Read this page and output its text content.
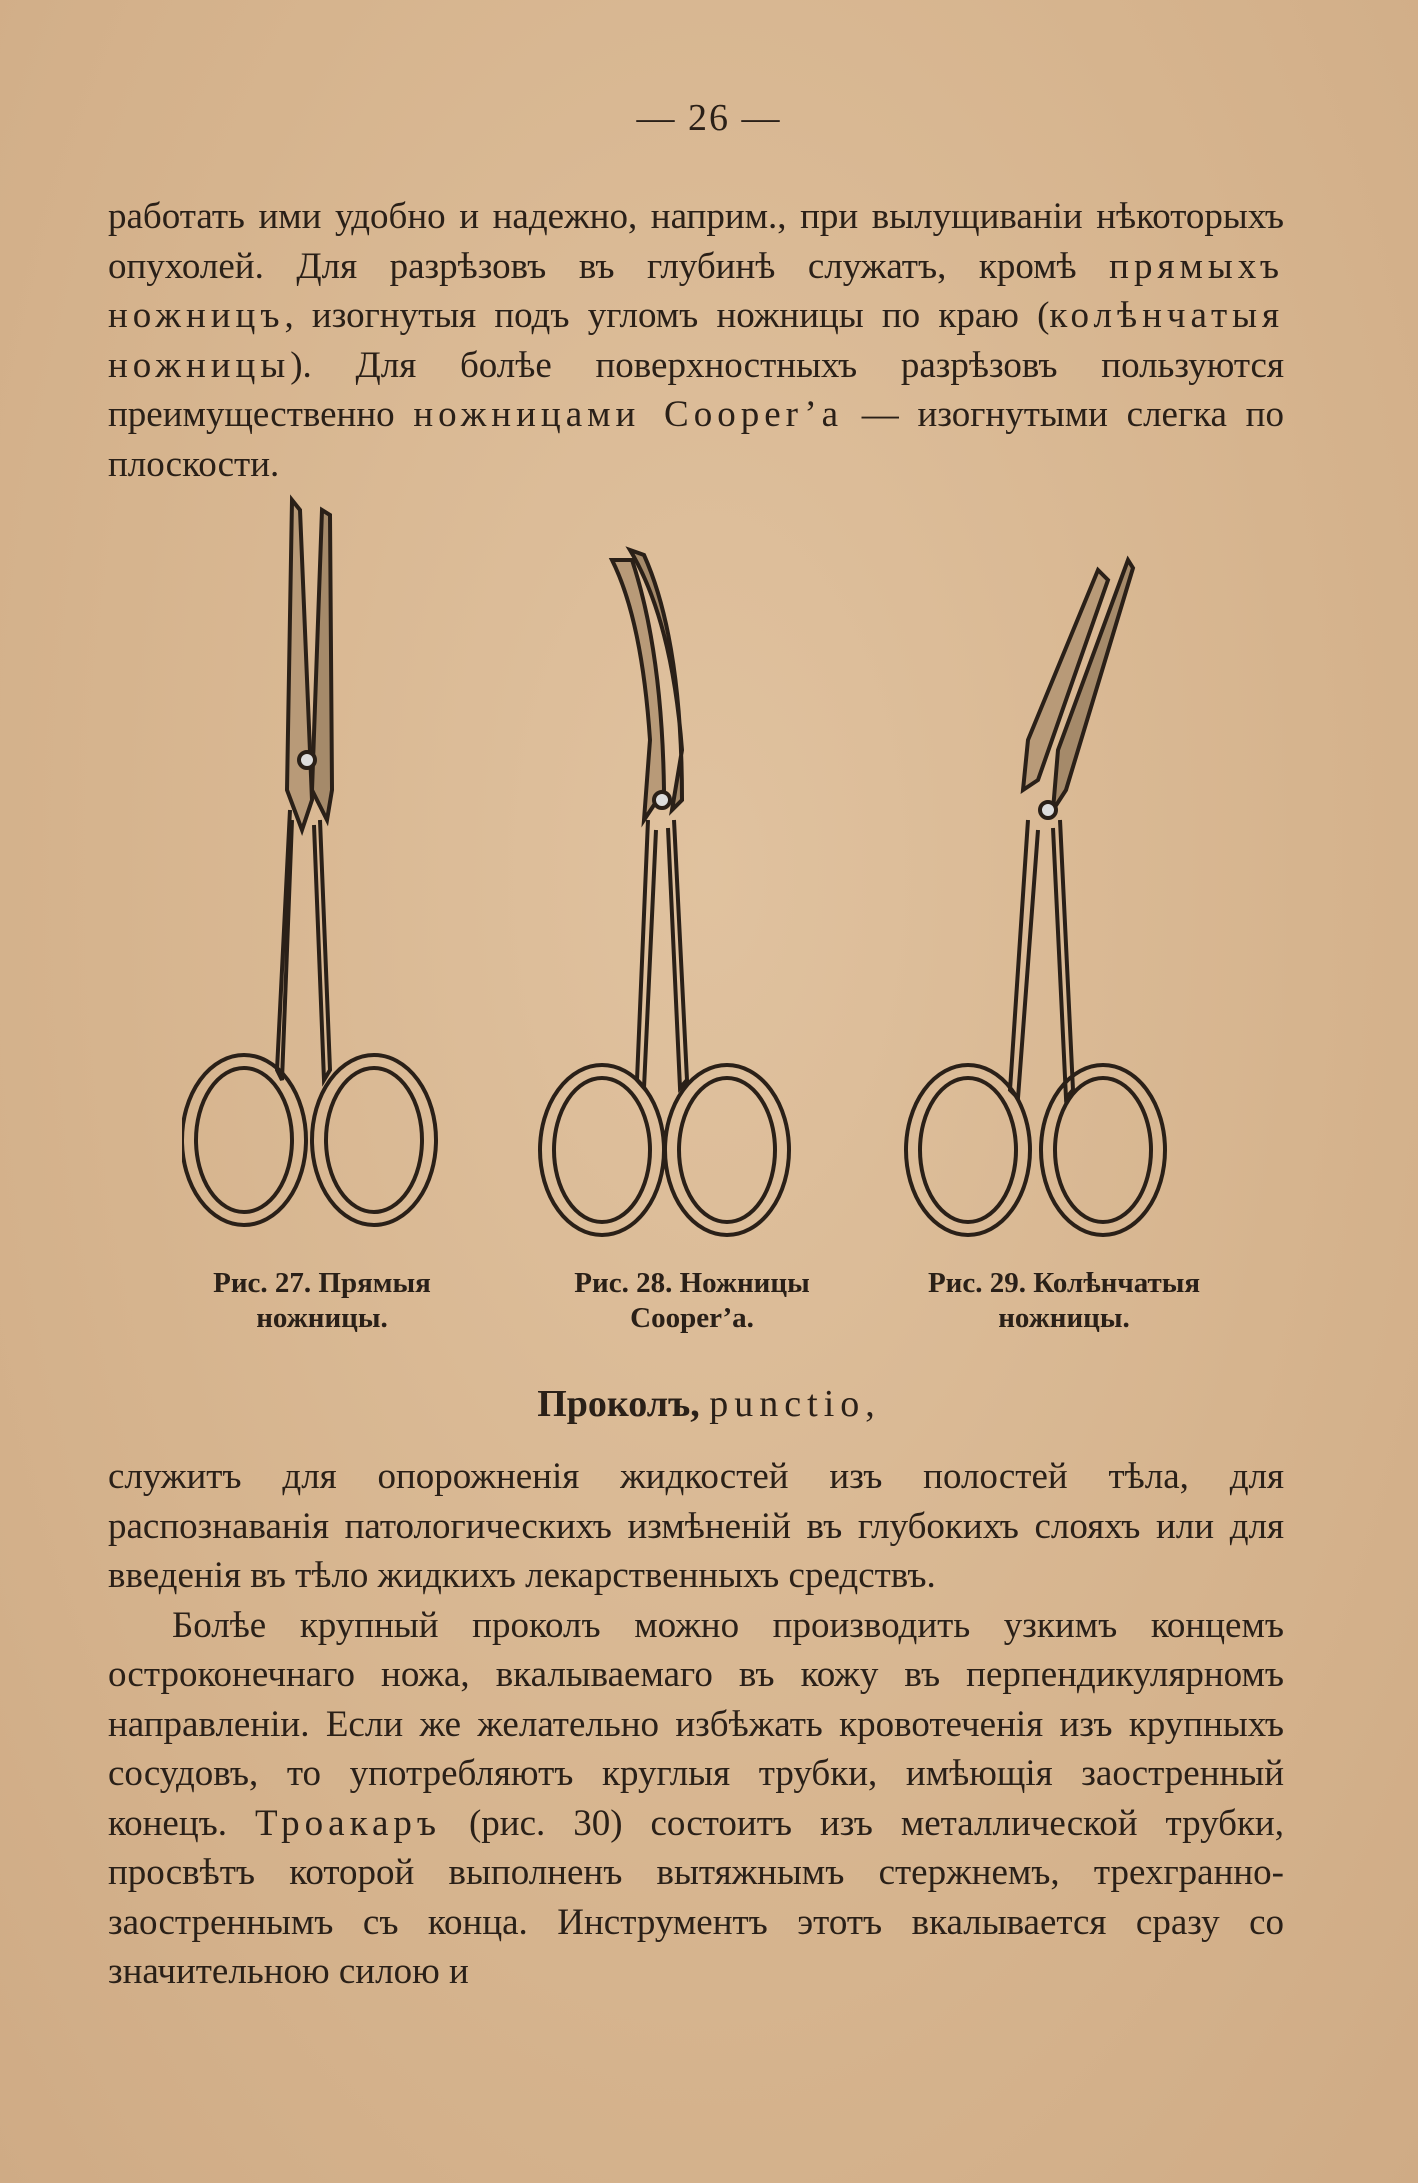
— 26 —

работать ими удобно и надежно, наприм., при вылущиваніи нѣкоторыхъ опухолей. Для разрѣзовъ въ глубинѣ служатъ, кромѣ прямыхъ ножницъ, изогнутыя подъ угломъ ножницы по краю (колѣнчатыя ножницы). Для болѣе поверхностныхъ разрѣзовъ пользуются преимущественно ножницами Cooper’a — изогнутыми слегка по плоскости.

Рис. 27. Прямыя
ножницы.
Рис. 28. Ножницы
Cooper’a.
Рис. 29. Колѣнчатыя
ножницы.
Проколъ, punctio,

служитъ для опорожненія жидкостей изъ полостей тѣла, для распознаванія патологическихъ измѣненій въ глубокихъ слояхъ или для введенія въ тѣло жидкихъ лекарственныхъ средствъ.

Болѣе крупный проколъ можно производить узкимъ концемъ остроконечнаго ножа, вкалываемаго въ кожу въ перпендикулярномъ направленіи. Если же желательно избѣжать кровотеченія изъ крупныхъ сосудовъ, то употребляютъ круглыя трубки, имѣющія заостренный конецъ. Троакаръ (рис. 30) состоитъ изъ металлической трубки, просвѣтъ которой выполненъ вытяжнымъ стержнемъ, трехгранно-заостреннымъ съ конца. Инструментъ этотъ вкалывается сразу со значительною силою и
